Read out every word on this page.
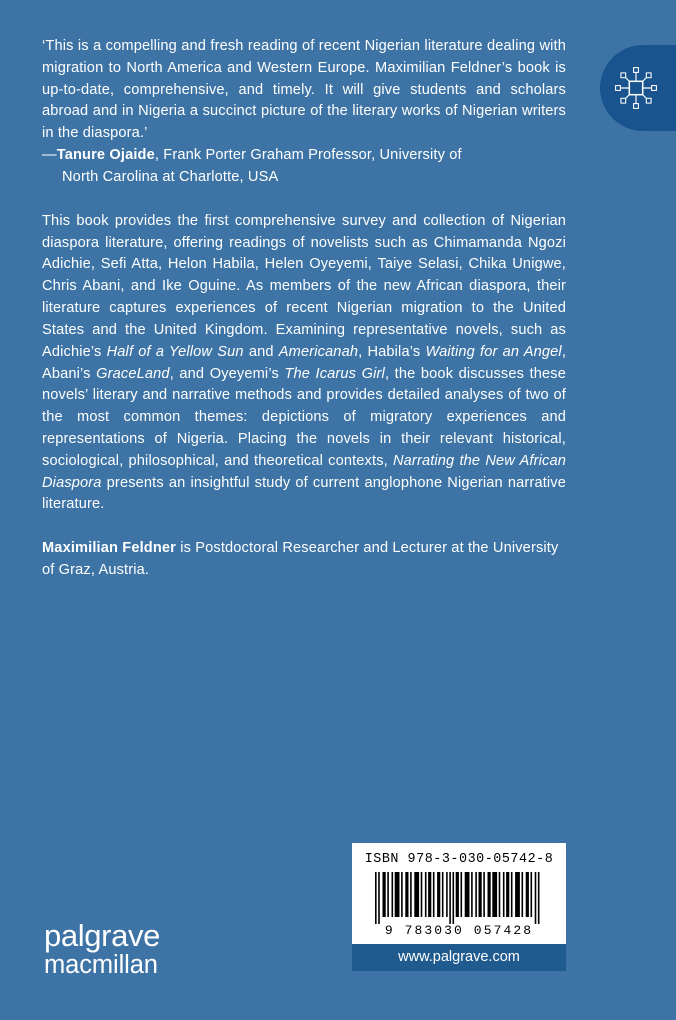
‘This is a compelling and fresh reading of recent Nigerian literature dealing with migration to North America and Western Europe. Maximilian Feldner’s book is up-to-date, comprehensive, and timely. It will give students and scholars abroad and in Nigeria a succinct picture of the literary works of Nigerian writers in the diaspora.’

—Tanure Ojaide, Frank Porter Graham Professor, University of
North Carolina at Charlotte, USA

This book provides the first comprehensive survey and collection of Nigerian diaspora literature, offering readings of novelists such as Chimamanda Ngozi Adichie, Sefi Atta, Helon Habila, Helen Oyeyemi, Taiye Selasi, Chika Unigwe, Chris Abani, and Ike Oguine. As members of the new African diaspora, their literature captures experiences of recent Nigerian migration to the United States and the United Kingdom. Examining representative novels, such as Adichie’s Half of a Yellow Sun and Americanah, Habila’s Waiting for an Angel, Abani’s GraceLand, and Oyeyemi’s The Icarus Girl, the book discusses these novels’ literary and narrative methods and provides detailed analyses of two of the most common themes: depictions of migratory experiences and representations of Nigeria. Placing the novels in their relevant historical, sociological, philosophical, and theoretical contexts, Narrating the New African Diaspora presents an insightful study of current anglophone Nigerian narrative literature.

Maximilian Feldner is Postdoctoral Researcher and Lecturer at the University of Graz, Austria.

palgrave
macmillan
ISBN 978-3-030-05742-8
9 783030 057428
www.palgrave.com
